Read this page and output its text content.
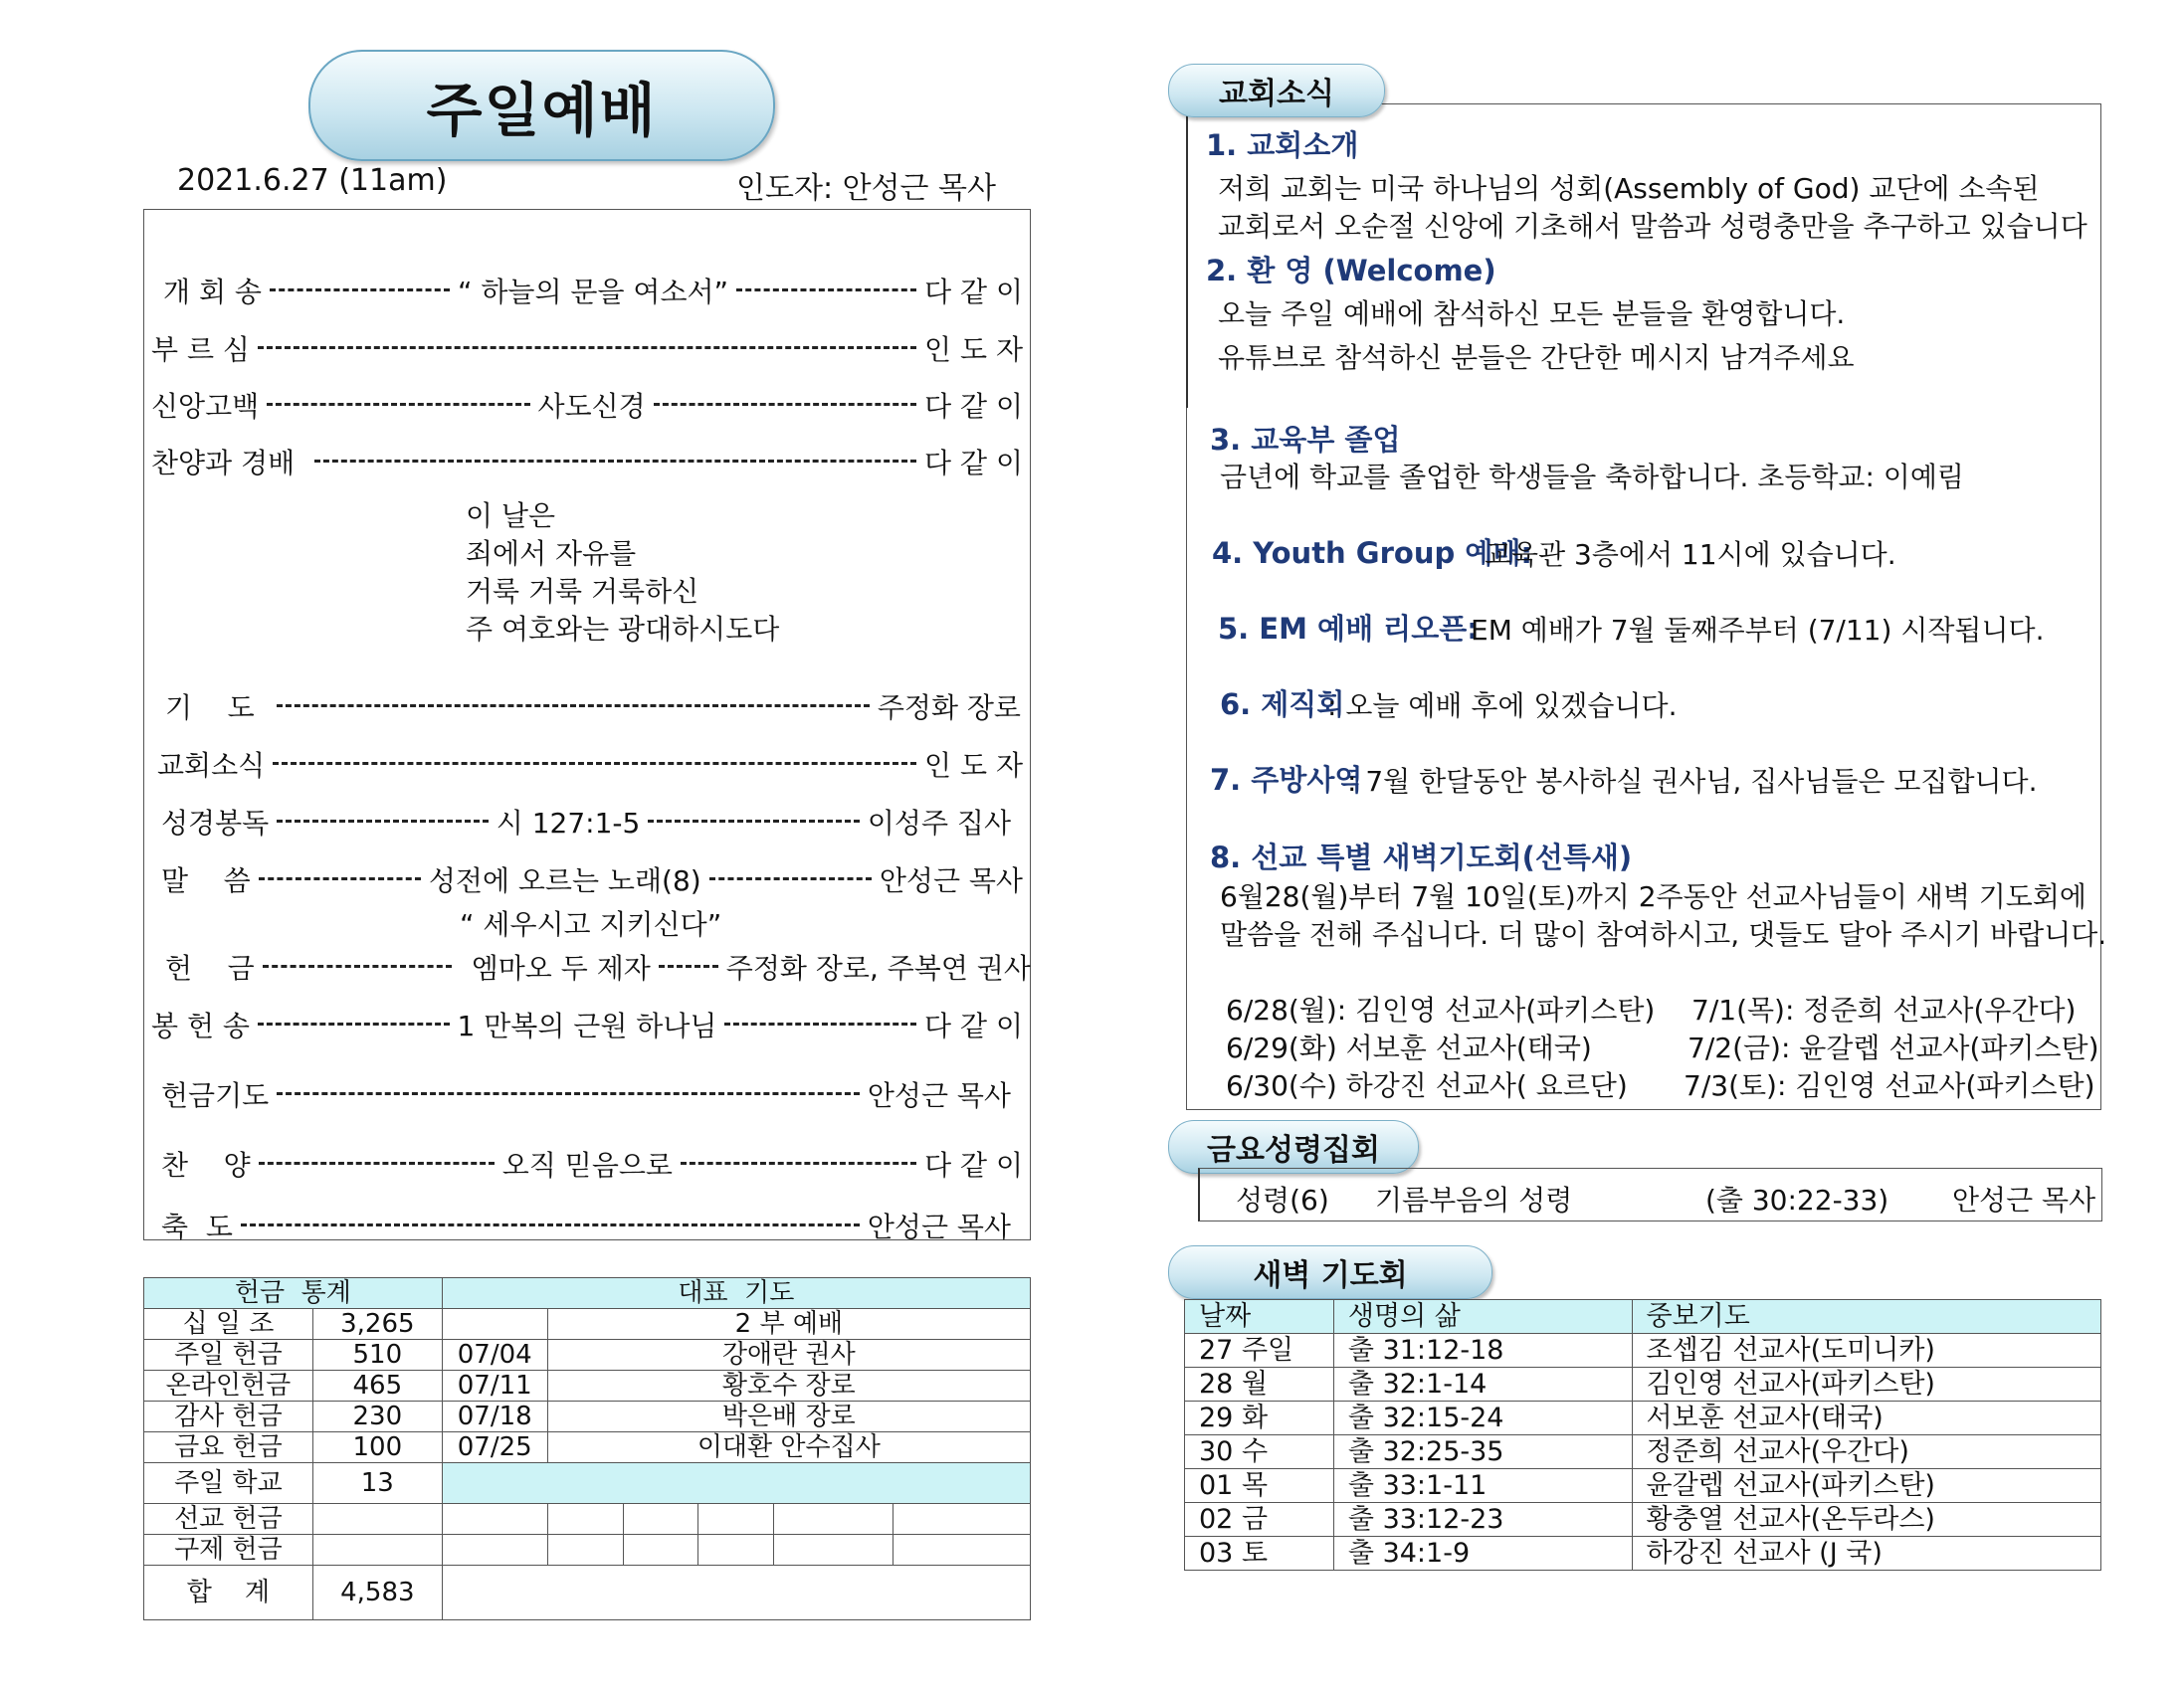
주일예배
2021.6.27 (11am)	인도자: 안성근 목사
개 회 송	“ 하늘의 문을 여소서”	다 같 이
부 르 심	인 도 자
신앙고백	사도신경	다 같 이
찬양과 경배	다 같 이
이 날은
죄에서 자유를
거룩 거룩 거룩하신
주 여호와는 광대하시도다
기    도	주정화 장로
교회소식	인 도 자
성경봉독	시 127:1-5	이성주 집사
말    씀	성전에 오르는 노래(8)	안성근 목사
“ 세우시고 지키신다”
헌    금	엠마오 두 제자	주정화 장로, 주복연 권사
봉 헌 송	1 만복의 근원 하나님	다 같 이
헌금기도	안성근 목사
찬    양	오직 믿음으로	다 같 이
축  도	안성근 목사
헌금  통계		대표  기도					
십 일 조	3,265		2 부 예배				
주일 헌금	510	07/04	강애란 권사				
온라인헌금	465	07/11	황호수 장로				
감사 헌금	230	07/18	박은배 장로				
금요 헌금	100	07/25	이대환 안수집사				
주일 학교	13						
선교 헌금							
구제 헌금							
합    계	4,583						
교회소식
1. 교회소개
저희 교회는 미국 하나님의 성회(Assembly of God) 교단에 소속된
교회로서 오순절 신앙에 기초해서 말씀과 성령충만을 추구하고 있습니다
2. 환 영 (Welcome)
오늘 주일 예배에 참석하신 모든 분들을 환영합니다.
유튜브로 참석하신 분들은 간단한 메시지 남겨주세요
3. 교육부 졸업
금년에 학교를 졸업한 학생들을 축하합니다. 초등학교: 이예림
4. Youth Group 예배:
교육관 3층에서 11시에 있습니다.
5. EM 예배 리오픈:
EM 예배가 7월 둘째주부터 (7/11) 시작됩니다.
6. 제직회
: 오늘 예배 후에 있겠습니다.
7. 주방사역
: 7월 한달동안 봉사하실 권사님, 집사님들은 모집합니다.
8. 선교 특별 새벽기도회(선특새)
6월28(월)부터 7월 10일(토)까지 2주동안 선교사님들이 새벽 기도회에
말씀을 전해 주십니다. 더 많이 참여하시고, 댓들도 달아 주시기 바랍니다.
6/28(월): 김인영 선교사(파키스탄) 7/1(목): 정준희 선교사(우간다)
6/29(화) 서보훈 선교사(태국)	7/2(금): 윤갈렙 선교사(파키스탄)
6/30(수) 하강진 선교사( 요르단) 7/3(토): 김인영 선교사(파키스탄)
금요성령집회
성령(6) 기름부음의 성령	(출 30:22-33) 안성근 목사
새벽 기도회
날짜	생명의 삶	중보기도
27 주일	출 31:12-18	조셉김 선교사(도미니카)
28 월	출 32:1-14	김인영 선교사(파키스탄)
29 화	출 32:15-24	서보훈 선교사(태국)
30 수	출 32:25-35	정준희 선교사(우간다)
01 목	출 33:1-11	윤갈렙 선교사(파키스탄)
02 금	출 33:12-23	황충열 선교사(온두라스)
03 토	출 34:1-9	하강진 선교사 (J 국)
